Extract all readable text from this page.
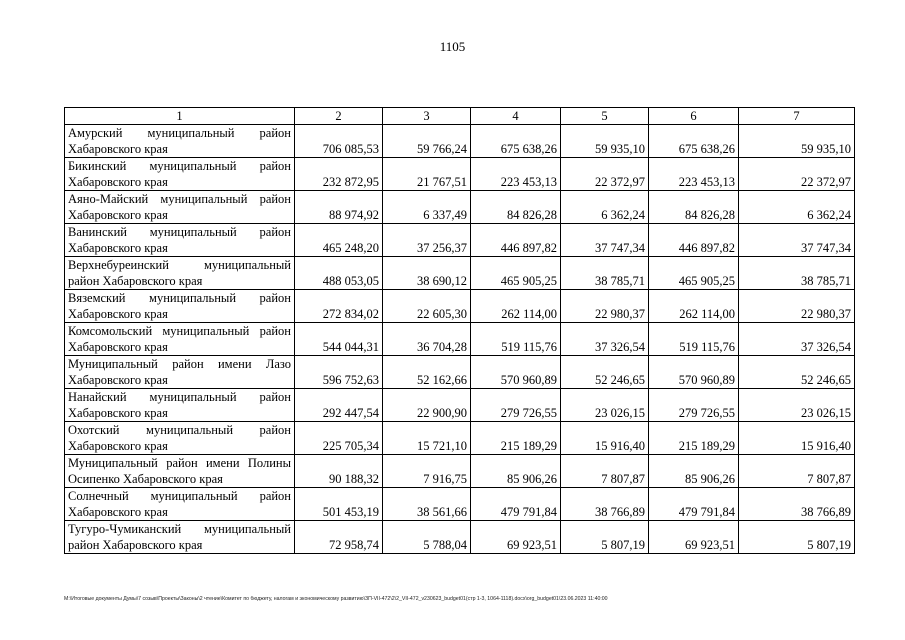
1105
1	2	3	4	5	6	7
Амурский муниципальный район Хабаровского края	706 085,53	59 766,24	675 638,26	59 935,10	675 638,26	59 935,10
Бикинский муниципальный район Хабаровского края	232 872,95	21 767,51	223 453,13	22 372,97	223 453,13	22 372,97
Аяно-Майский муниципальный район Хабаровского края	88 974,92	6 337,49	84 826,28	6 362,24	84 826,28	6 362,24
Ванинский муниципальный район Хабаровского края	465 248,20	37 256,37	446 897,82	37 747,34	446 897,82	37 747,34
Верхнебуреинский муниципальный район Хабаровского края	488 053,05	38 690,12	465 905,25	38 785,71	465 905,25	38 785,71
Вяземский муниципальный район Хабаровского края	272 834,02	22 605,30	262 114,00	22 980,37	262 114,00	22 980,37
Комсомольский муниципальный район Хабаровского края	544 044,31	36 704,28	519 115,76	37 326,54	519 115,76	37 326,54
Муниципальный район имени Лазо Хабаровского края	596 752,63	52 162,66	570 960,89	52 246,65	570 960,89	52 246,65
Нанайский муниципальный район Хабаровского края	292 447,54	22 900,90	279 726,55	23 026,15	279 726,55	23 026,15
Охотский муниципальный район Хабаровского края	225 705,34	15 721,10	215 189,29	15 916,40	215 189,29	15 916,40
Муниципальный район имени Полины Осипенко Хабаровского края	90 188,32	7 916,75	85 906,26	7 807,87	85 906,26	7 807,87
Солнечный муниципальный район Хабаровского края	501 453,19	38 561,66	479 791,84	38 766,89	479 791,84	38 766,89
Тугуро-Чумиканский муниципальный район Хабаровского края	72 958,74	5 788,04	69 923,51	5 807,19	69 923,51	5 807,19
M:\Итоговые документы Думы\7 созыв\Проекты\Законы\2 чтение\Комитет по бюджету, налогам и экономическому развитию\ЗП-VII-472\2\2_VII-472_v230623_budget01(стр 1-3, 1064-1118).docx\org_budget01\23.06.2023 11:40:00
